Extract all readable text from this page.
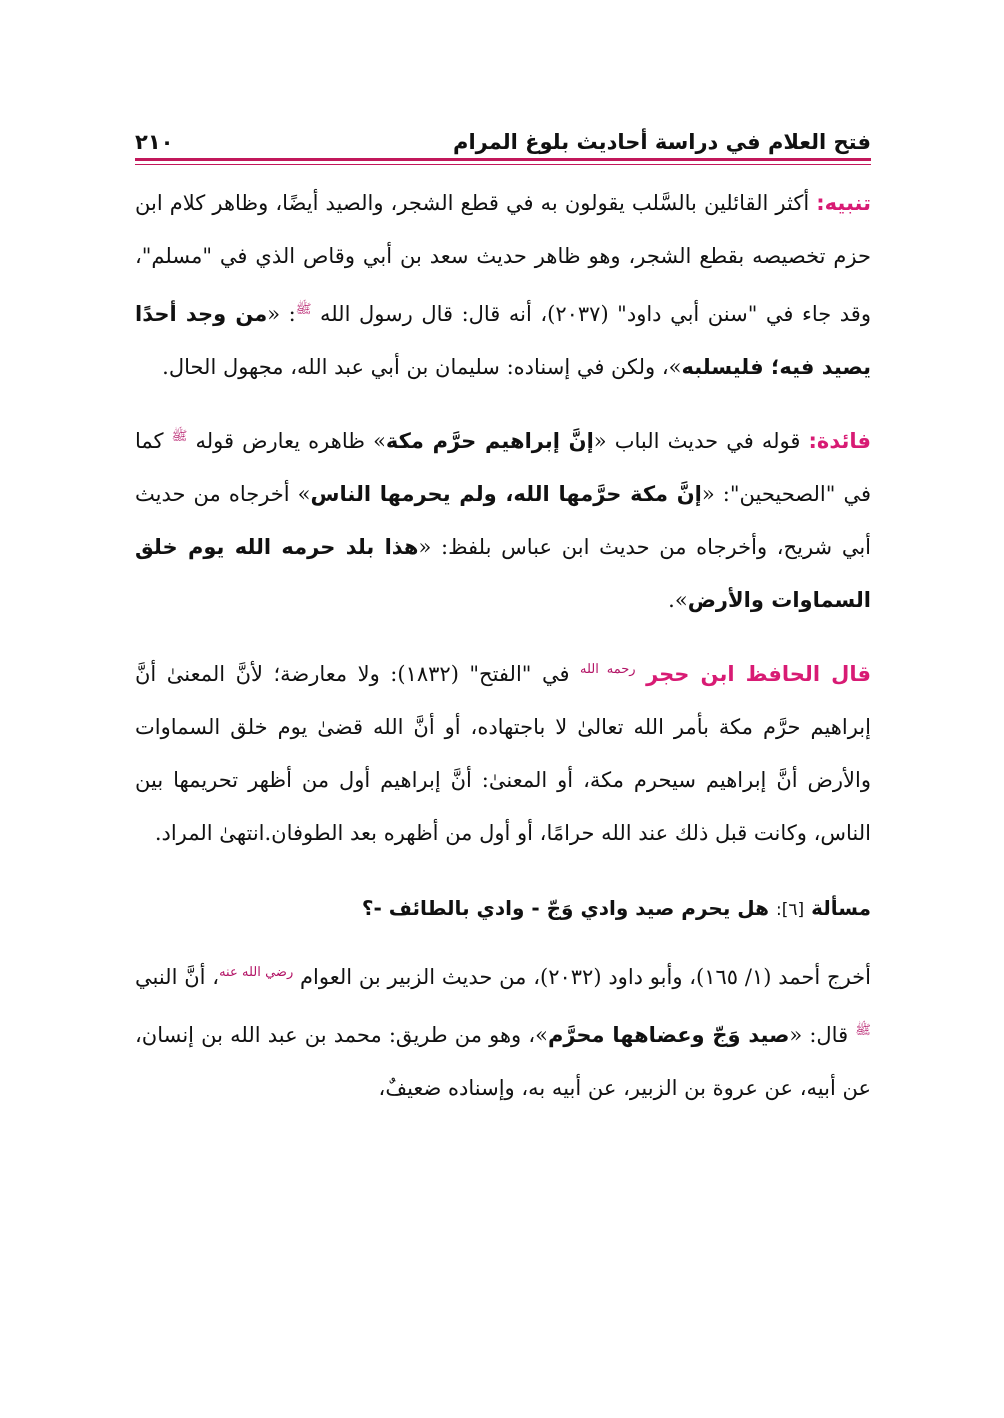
فتح العلام في دراسة أحاديث بلوغ المرام
٢١٠

تنبيه: أكثر القائلين بالسَّلب يقولون به في قطع الشجر، والصيد أيضًا، وظاهر كلام ابن حزم تخصيصه بقطع الشجر، وهو ظاهر حديث سعد بن أبي وقاص الذي في "مسلم"، وقد جاء في "سنن أبي داود" (٢٠٣٧)، أنه قال: قال رسول الله $^ﷺ$: «من وجد أحدًا يصيد فيه؛ فليسلبه»، ولكن في إسناده: سليمان بن أبي عبد الله، مجهول الحال.

فائدة: قوله في حديث الباب «إنَّ إبراهيم حرَّم مكة» ظاهره يعارض قوله $^ﷺ$ كما في "الصحيحين": «إنَّ مكة حرَّمها الله، ولم يحرمها الناس» أخرجاه من حديث أبي شريح، وأخرجاه من حديث ابن عباس بلفظ: «هذا بلد حرمه الله يوم خلق السماوات والأرض».

قال الحافظ ابن حجر $^{رحمه الله}$ في "الفتح" (١٨٣٢): ولا معارضة؛ لأنَّ المعنىٰ أنَّ إبراهيم حرَّم مكة بأمر الله تعالىٰ لا باجتهاده، أو أنَّ الله قضىٰ يوم خلق السماوات والأرض أنَّ إبراهيم سيحرم مكة، أو المعنىٰ: أنَّ إبراهيم أول من أظهر تحريمها بين الناس، وكانت قبل ذلك عند الله حرامًا، أو أول من أظهره بعد الطوفان.انتهىٰ المراد.

مسألة [٦]: هل يحرم صيد وادي وَجّ - وادي بالطائف -؟

أخرج أحمد (١/ ١٦٥)، وأبو داود (٢٠٣٢)، من حديث الزبير بن العوام $^{رضي الله عنه}$، أنَّ النبي $^ﷺ$ قال: «صيد وَجّ وعضاهها محرَّم»، وهو من طريق: محمد بن عبد الله بن إنسان، عن أبيه، عن عروة بن الزبير، عن أبيه به، وإسناده ضعيفٌ،
